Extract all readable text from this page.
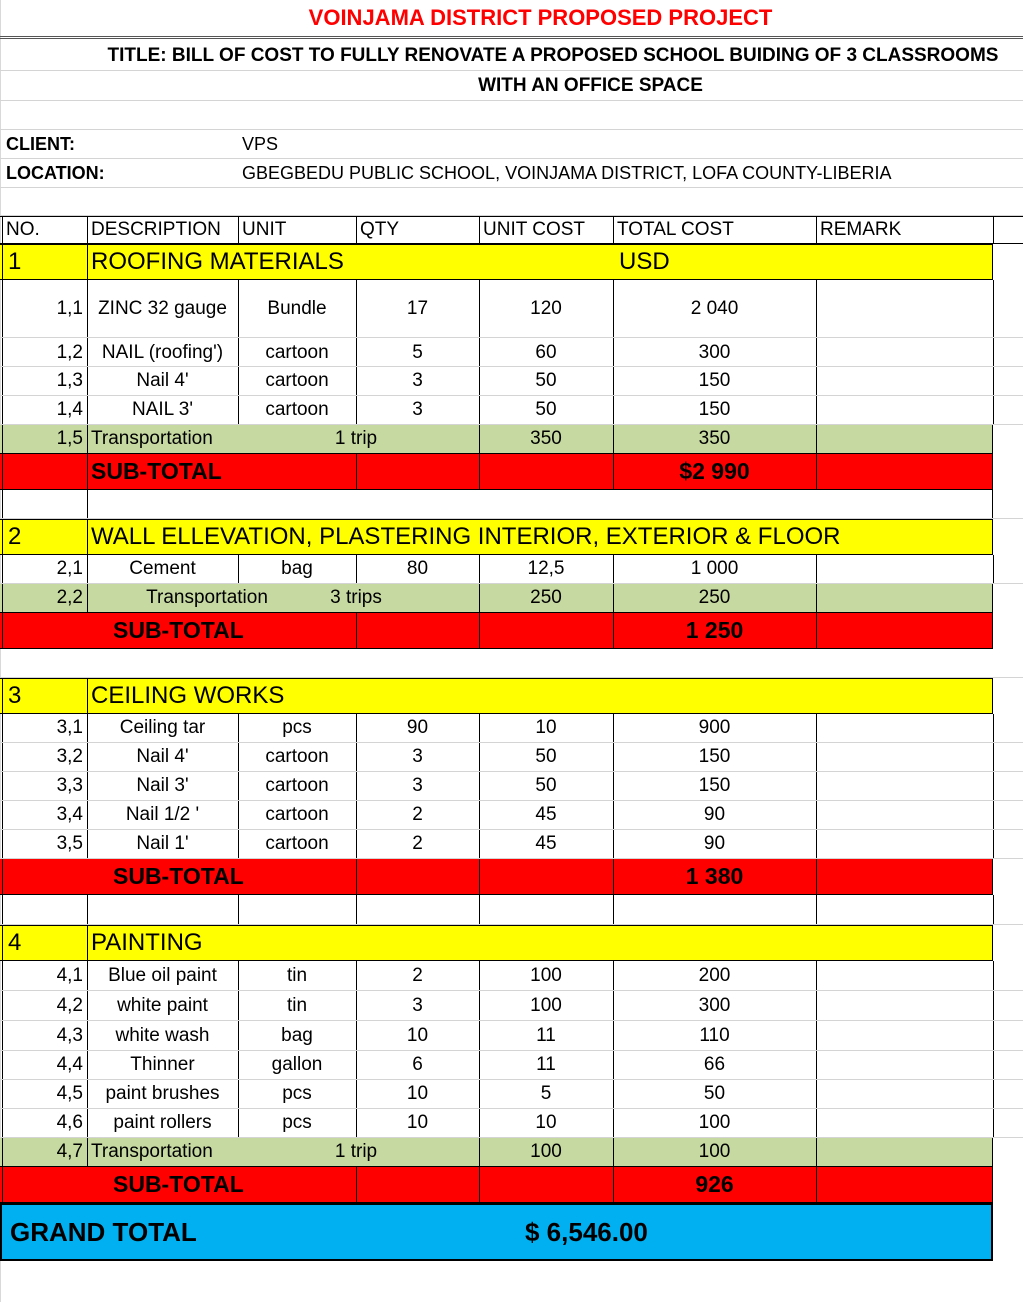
VOINJAMA DISTRICT PROPOSED PROJECT
TITLE: BILL OF COST TO FULLY RENOVATE A PROPOSED SCHOOL BUIDING OF 3 CLASSROOMS
WITH AN OFFICE SPACE
CLIENT:	VPS
LOCATION:	GBEGBEDU PUBLIC SCHOOL, VOINJAMA DISTRICT, LOFA COUNTY-LIBERIA
NO.	DESCRIPTION	UNIT	QTY	UNIT COST	TOTAL COST	REMARK
1	ROOFING MATERIALS	USD
1,1 ZINC 32 gauge	Bundle	17	120	2 040
1,2 NAIL (roofing')	cartoon	5	60	300
1,3	Nail 4'	cartoon	3	50	150
1,4	NAIL 3'	cartoon	3	50	150
1,5 Transportation	1 trip	350	350
SUB-TOTAL	$2 990
2	WALL ELLEVATION, PLASTERING INTERIOR, EXTERIOR & FLOOR
2,1	Cement	bag	80	12,5	1 000
2,2	Transportation	3 trips	250	250
SUB-TOTAL	1 250
3	CEILING WORKS
3,1	Ceiling tar	pcs	90	10	900
3,2	Nail 4'	cartoon	3	50	150
3,3	Nail 3'	cartoon	3	50	150
3,4	Nail 1/2 '	cartoon	2	45	90
3,5	Nail 1'	cartoon	2	45	90
SUB-TOTAL	1 380
4	PAINTING
4,1	Blue oil paint	tin	2	100	200
4,2	white paint	tin	3	100	300
4,3	white wash	bag	10	11	110
4,4	Thinner	gallon	6	11	66
4,5	paint brushes	pcs	10	5	50
4,6	paint rollers	pcs	10	10	100
4,7 Transportation	1 trip	100	100
SUB-TOTAL	926
GRAND TOTAL	$ 6,546.00
